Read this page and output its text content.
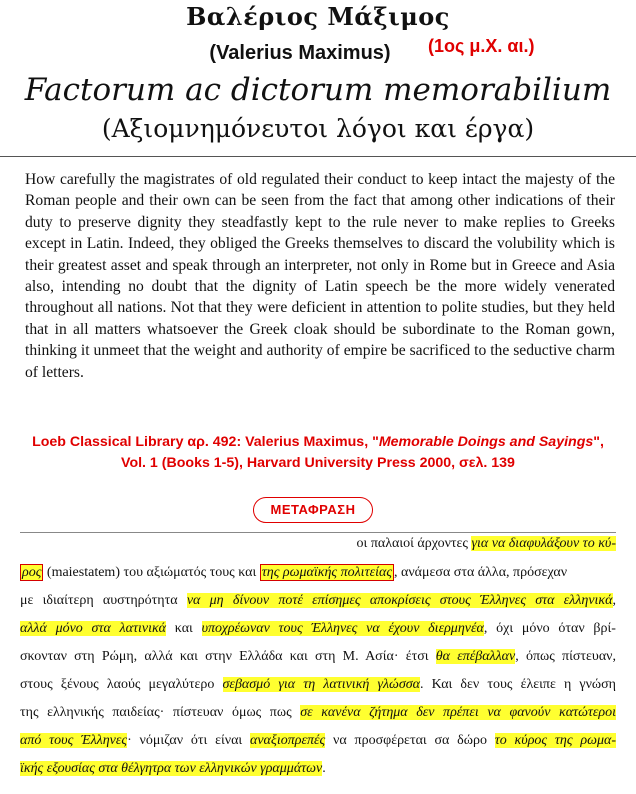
Βαλέριος Μάξιμος
(Valerius Maximus)	(1ος μ.Χ. αι.)
Factorum ac dictorum memorabilium
(Αξιομνημόνευτοι λόγοι και έργα)

How carefully the magistrates of old regulated their conduct to keep intact the majesty of the Roman people and their own can be seen from the fact that among other indications of their duty to preserve dignity they steadfastly kept to the rule never to make replies to Greeks except in Latin. Indeed, they obliged the Greeks themselves to discard the volubility which is their greatest asset and speak through an interpreter, not only in Rome but in Greece and Asia also, intending no doubt that the dignity of Latin speech be the more widely venerated throughout all nations. Not that they were deficient in attention to polite studies, but they held that in all matters whatsoever the Greek cloak should be subordinate to the Roman gown, thinking it unmeet that the weight and authority of empire be sacrificed to the seductive charm of letters.

Loeb Classical Library αρ. 492: Valerius Maximus, "Memorable Doings and Sayings", Vol. 1 (Books 1-5), Harvard University Press 2000, σελ. 139
ΜΕΤΑΦΡΑΣΗ
οι παλαιοί άρχοντες για να διαφυλάξουν το κύ-
ρος (maiestatem) του αξιώματός τους και της ρωμαϊκής πολιτείας , ανάμεσα στα άλλα, πρόσεχαν
με ιδιαίτερη αυστηρότητα να μη δίνουν ποτέ επίσημες αποκρίσεις στους Έλληνες στα ελληνικά,
αλλά μόνο στα λατινικά και υποχρέωναν τους Έλληνες να έχουν διερμηνέα, όχι μόνο όταν βρί-
σκονταν στη Ρώμη, αλλά και στην Ελλάδα και στη Μ. Ασία· έτσι θα επέβαλλαν, όπως πίστευαν,
στους ξένους λαούς μεγαλύτερο σεβασμό για τη λατινική γλώσσα. Και δεν τους έλειπε η γνώση
της ελληνικής παιδείας· πίστευαν όμως πως σε κανένα ζήτημα δεν πρέπει να φανούν κατώτεροι
από τους Έλληνες· νόμιζαν ότι είναι αναξιοπρεπές να προσφέρεται σα δώρο το κύρος της ρωμα-
ϊκής εξουσίας στα θέλγητρα των ελληνικών γραμμάτων.
